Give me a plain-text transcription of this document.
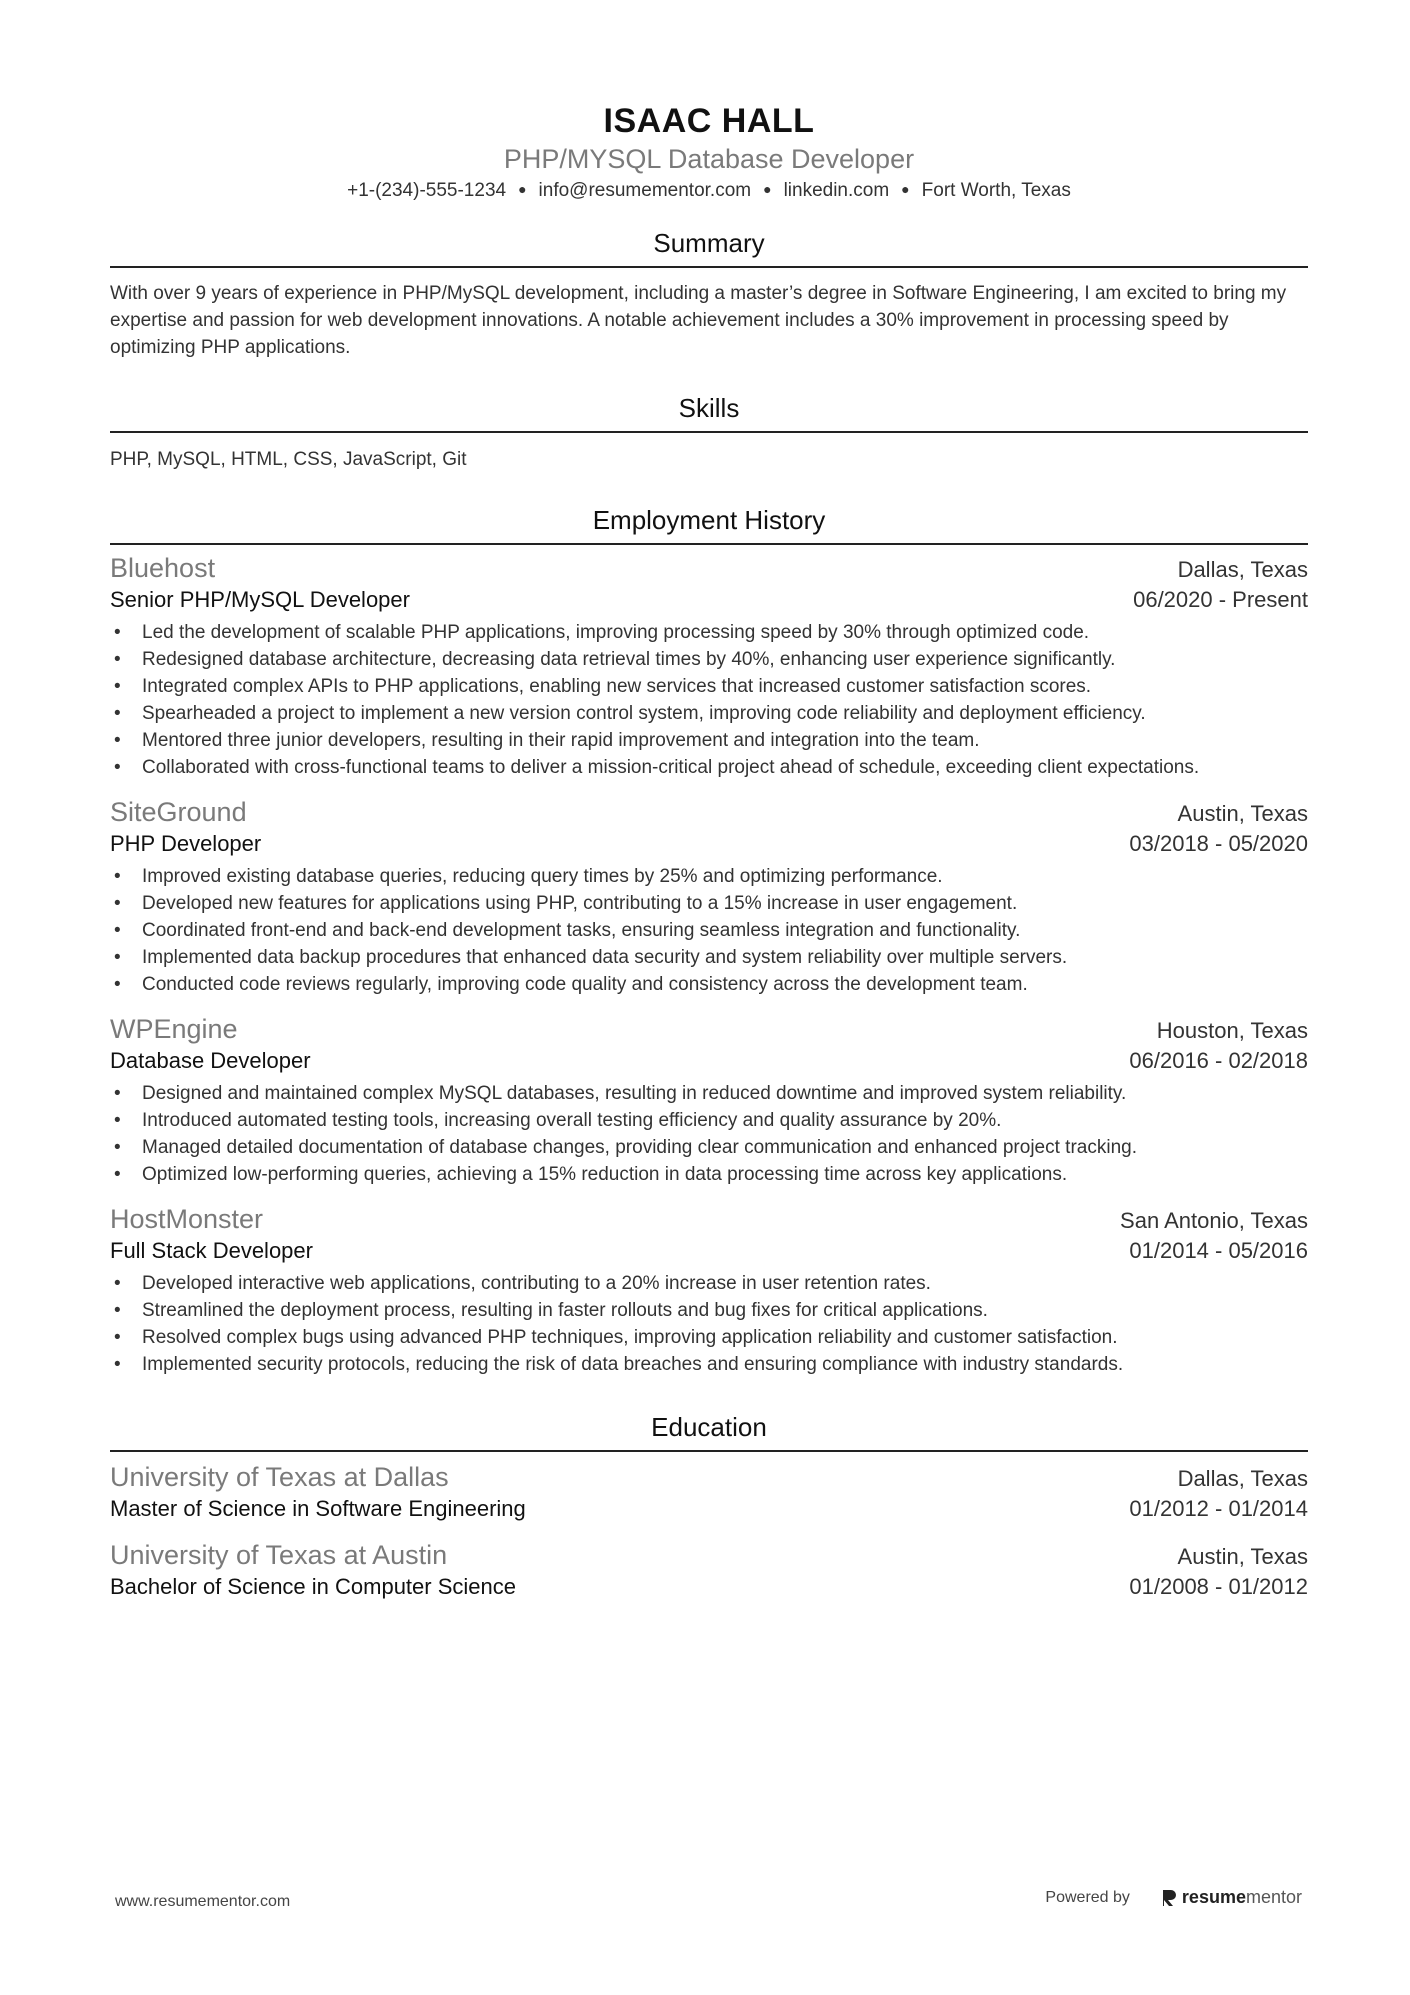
ISAAC HALL
PHP/MYSQL Database Developer
+1-(234)-555-1234 ● info@resumementor.com ● linkedin.com ● Fort Worth, Texas
Summary
With over 9 years of experience in PHP/MySQL development, including a master’s degree in Software Engineering, I am excited to bring my expertise and passion for web development innovations. A notable achievement includes a 30% improvement in processing speed by optimizing PHP applications.
Skills
PHP, MySQL, HTML, CSS, JavaScript, Git
Employment History
Bluehost	Dallas, Texas
Senior PHP/MySQL Developer	06/2020 - Present
• Led the development of scalable PHP applications, improving processing speed by 30% through optimized code.
• Redesigned database architecture, decreasing data retrieval times by 40%, enhancing user experience significantly.
• Integrated complex APIs to PHP applications, enabling new services that increased customer satisfaction scores.
• Spearheaded a project to implement a new version control system, improving code reliability and deployment efficiency.
• Mentored three junior developers, resulting in their rapid improvement and integration into the team.
• Collaborated with cross-functional teams to deliver a mission-critical project ahead of schedule, exceeding client expectations.
SiteGround	Austin, Texas
PHP Developer	03/2018 - 05/2020
• Improved existing database queries, reducing query times by 25% and optimizing performance.
• Developed new features for applications using PHP, contributing to a 15% increase in user engagement.
• Coordinated front-end and back-end development tasks, ensuring seamless integration and functionality.
• Implemented data backup procedures that enhanced data security and system reliability over multiple servers.
• Conducted code reviews regularly, improving code quality and consistency across the development team.
WPEngine	Houston, Texas
Database Developer	06/2016 - 02/2018
• Designed and maintained complex MySQL databases, resulting in reduced downtime and improved system reliability.
• Introduced automated testing tools, increasing overall testing efficiency and quality assurance by 20%.
• Managed detailed documentation of database changes, providing clear communication and enhanced project tracking.
• Optimized low-performing queries, achieving a 15% reduction in data processing time across key applications.
HostMonster	San Antonio, Texas
Full Stack Developer	01/2014 - 05/2016
• Developed interactive web applications, contributing to a 20% increase in user retention rates.
• Streamlined the deployment process, resulting in faster rollouts and bug fixes for critical applications.
• Resolved complex bugs using advanced PHP techniques, improving application reliability and customer satisfaction.
• Implemented security protocols, reducing the risk of data breaches and ensuring compliance with industry standards.
Education
University of Texas at Dallas	Dallas, Texas
Master of Science in Software Engineering	01/2012 - 01/2014
University of Texas at Austin	Austin, Texas
Bachelor of Science in Computer Science	01/2008 - 01/2012
www.resumementor.com	Powered by	resume mentor
